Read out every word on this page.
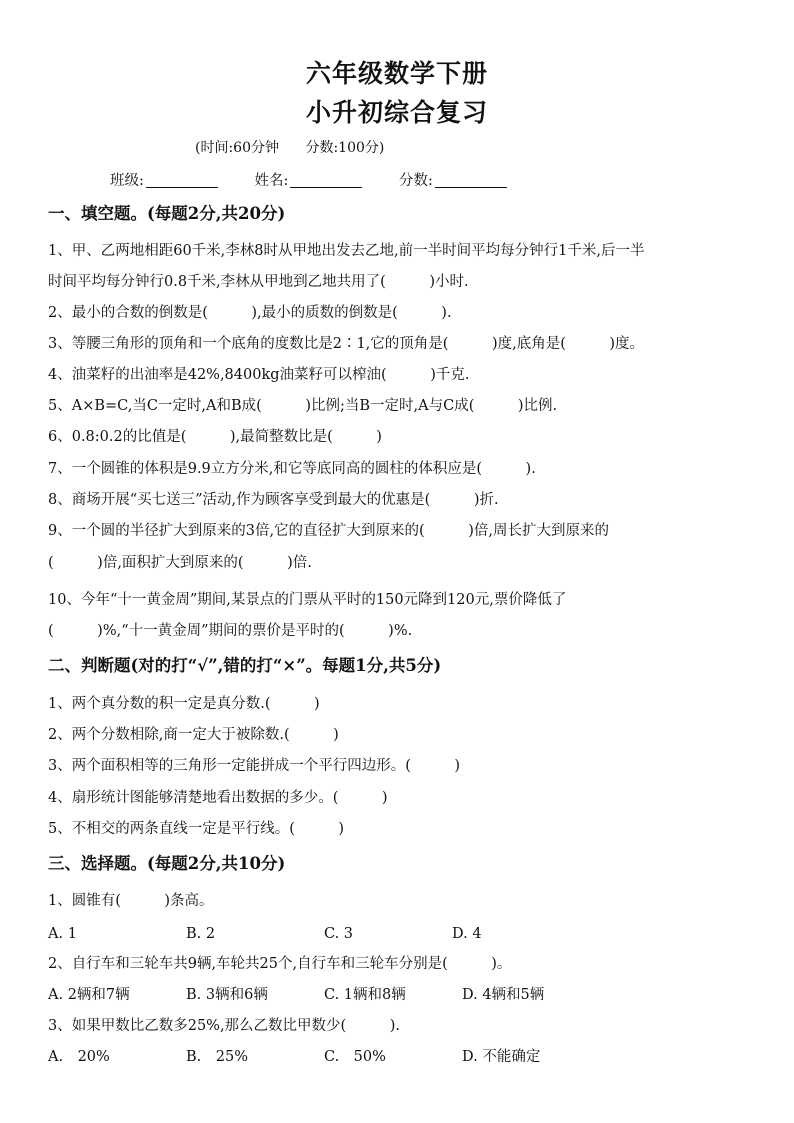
六年级数学下册
小升初综合复习
(时间:60分钟 分数:100分)
班级:	姓名:	分数:
一、填空题。(每题2分,共20分)
1、甲、乙两地相距60千米,李林8时从甲地出发去乙地,前一半时间平均每分钟行1千米,后一半
时间平均每分钟行0.8千米,李林从甲地到乙地共用了(　　　)小时.
2、最小的合数的倒数是(　　　),最小的质数的倒数是(　　　).
3、等腰三角形的顶角和一个底角的度数比是2∶1,它的顶角是(　　　)度,底角是(　　　)度。
4、油菜籽的出油率是42%,8400kg油菜籽可以榨油(　　　)千克.
5、A×B=C,当C一定时,A和B成(　　　)比例;当B一定时,A与C成(　　　)比例.
6、0.8:0.2的比值是(　　　),最简整数比是(　　　)
7、一个圆锥的体积是9.9立方分米,和它等底同高的圆柱的体积应是(　　　).
8、商场开展“买七送三”活动,作为顾客享受到最大的优惠是(　　　)折.
9、一个圆的半径扩大到原来的3倍,它的直径扩大到原来的(　　　)倍,周长扩大到原来的
(　　　)倍,面积扩大到原来的(　　　)倍.
10、今年“十一黄金周”期间,某景点的门票从平时的150元降到120元,票价降低了
(　　　)%,“十一黄金周”期间的票价是平时的(　　　)%.
二、判断题(对的打“√”,错的打“×”。每题1分,共5分)
1、两个真分数的积一定是真分数.(　　　)
2、两个分数相除,商一定大于被除数.(　　　)
3、两个面积相等的三角形一定能拼成一个平行四边形。(　　　)
4、扇形统计图能够清楚地看出数据的多少。(　　　)
5、不相交的两条直线一定是平行线。(　　　)
三、选择题。(每题2分,共10分)
1、圆锥有(　　　)条高。
A. 1	B. 2	C. 3	D. 4
2、自行车和三轮车共9辆,车轮共25个,自行车和三轮车分别是(　　　)。
A. 2辆和7辆	B. 3辆和6辆	C. 1辆和8辆	D. 4辆和5辆
3、如果甲数比乙数多25%,那么乙数比甲数少(　　　).
A.　20%	B.　25%	C.　50%	D. 不能确定
